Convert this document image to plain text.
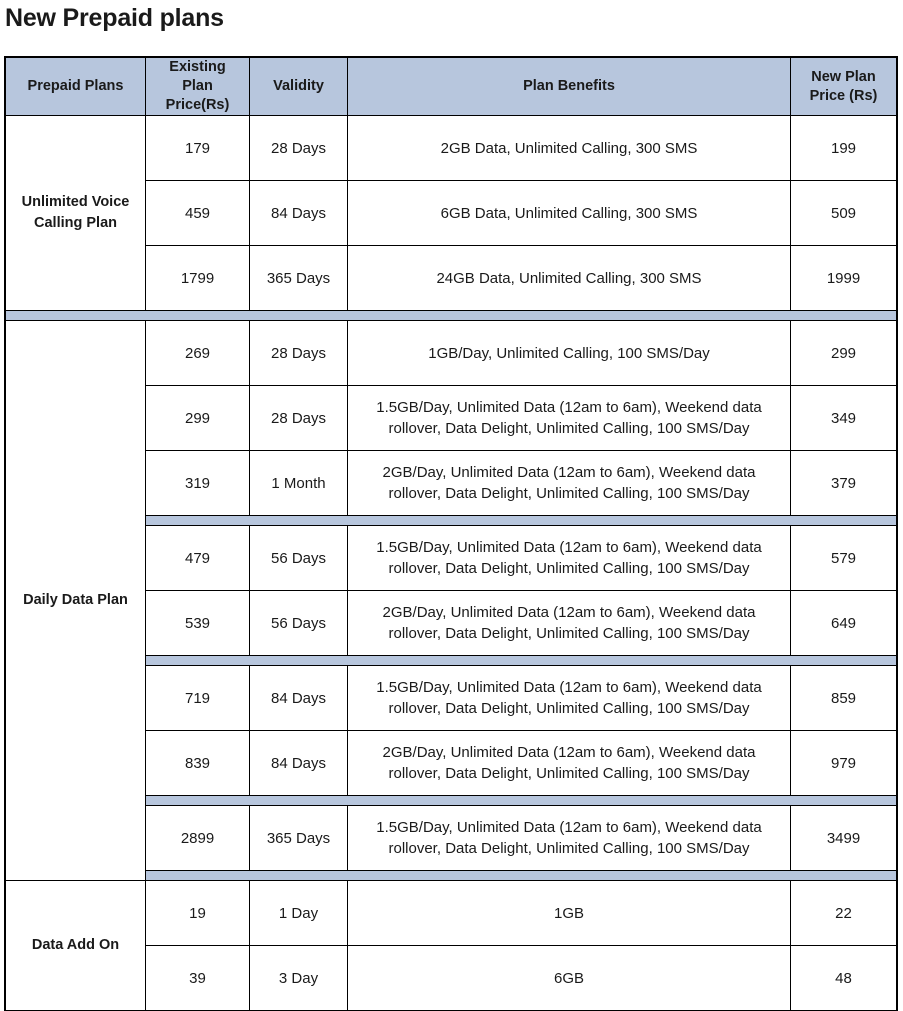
New Prepaid plans
Prepaid Plans	Existing Plan Price(Rs)	Validity	Plan Benefits	New Plan Price (Rs)
Unlimited Voice Calling Plan	179	28 Days	2GB Data, Unlimited Calling, 300 SMS	199
	459	84 Days	6GB Data, Unlimited Calling, 300 SMS	509
	1799	365 Days	24GB Data, Unlimited Calling, 300 SMS	1999

Daily Data Plan	269	28 Days	1GB/Day, Unlimited Calling, 100 SMS/Day	299
	299	28 Days	1.5GB/Day, Unlimited Data (12am to 6am), Weekend data rollover, Data Delight, Unlimited Calling, 100 SMS/Day	349
	319	1 Month	2GB/Day, Unlimited Data (12am to 6am), Weekend data rollover, Data Delight, Unlimited Calling, 100 SMS/Day	379

	479	56 Days	1.5GB/Day, Unlimited Data (12am to 6am), Weekend data rollover, Data Delight, Unlimited Calling, 100 SMS/Day	579
	539	56 Days	2GB/Day, Unlimited Data (12am to 6am), Weekend data rollover, Data Delight, Unlimited Calling, 100 SMS/Day	649

	719	84 Days	1.5GB/Day, Unlimited Data (12am to 6am), Weekend data rollover, Data Delight, Unlimited Calling, 100 SMS/Day	859
	839	84 Days	2GB/Day, Unlimited Data (12am to 6am), Weekend data rollover, Data Delight, Unlimited Calling, 100 SMS/Day	979

	2899	365 Days	1.5GB/Day, Unlimited Data (12am to 6am), Weekend data rollover, Data Delight, Unlimited Calling, 100 SMS/Day	3499

Data Add On	19	1 Day	1GB	22
	39	3 Day	6GB	48
